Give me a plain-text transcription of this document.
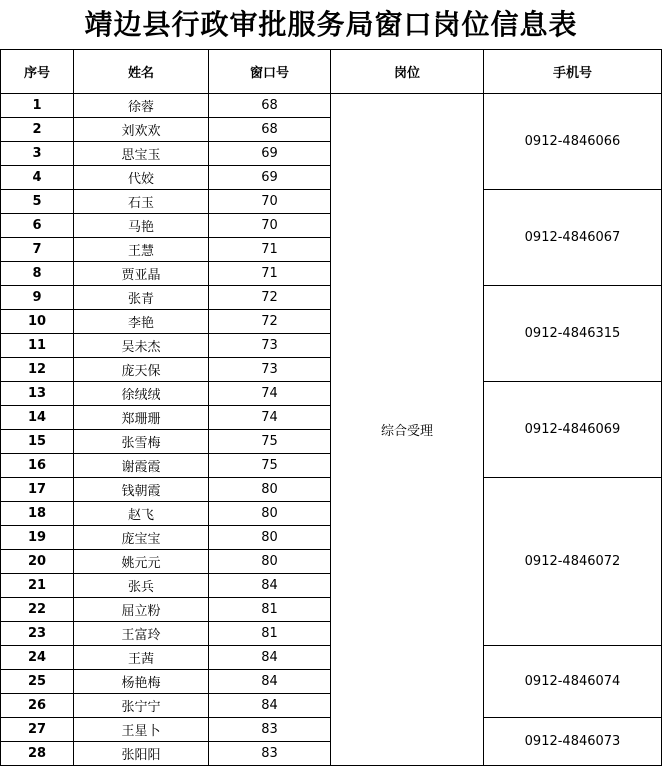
靖边县行政审批服务局窗口岗位信息表
序号	姓名	窗口号	岗位	手机号
1	徐蓉	68	综合受理	0912-4846066
2	刘欢欢	68		
3	思宝玉	69		
4	代姣	69		
5	石玉	70		0912-4846067
6	马艳	70		
7	王慧	71		
8	贾亚晶	71		
9	张青	72		0912-4846315
10	李艳	72		
11	吴未杰	73		
12	庞天保	73		
13	徐绒绒	74		0912-4846069
14	郑珊珊	74		
15	张雪梅	75		
16	谢霞霞	75		
17	钱朝霞	80		0912-4846072
18	赵飞	80		
19	庞宝宝	80		
20	姚元元	80		
21	张兵	84		
22	屈立粉	81		
23	王富玲	81		
24	王茜	84		0912-4846074
25	杨艳梅	84		
26	张宁宁	84		
27	王星卜	83		0912-4846073
28	张阳阳	83		
